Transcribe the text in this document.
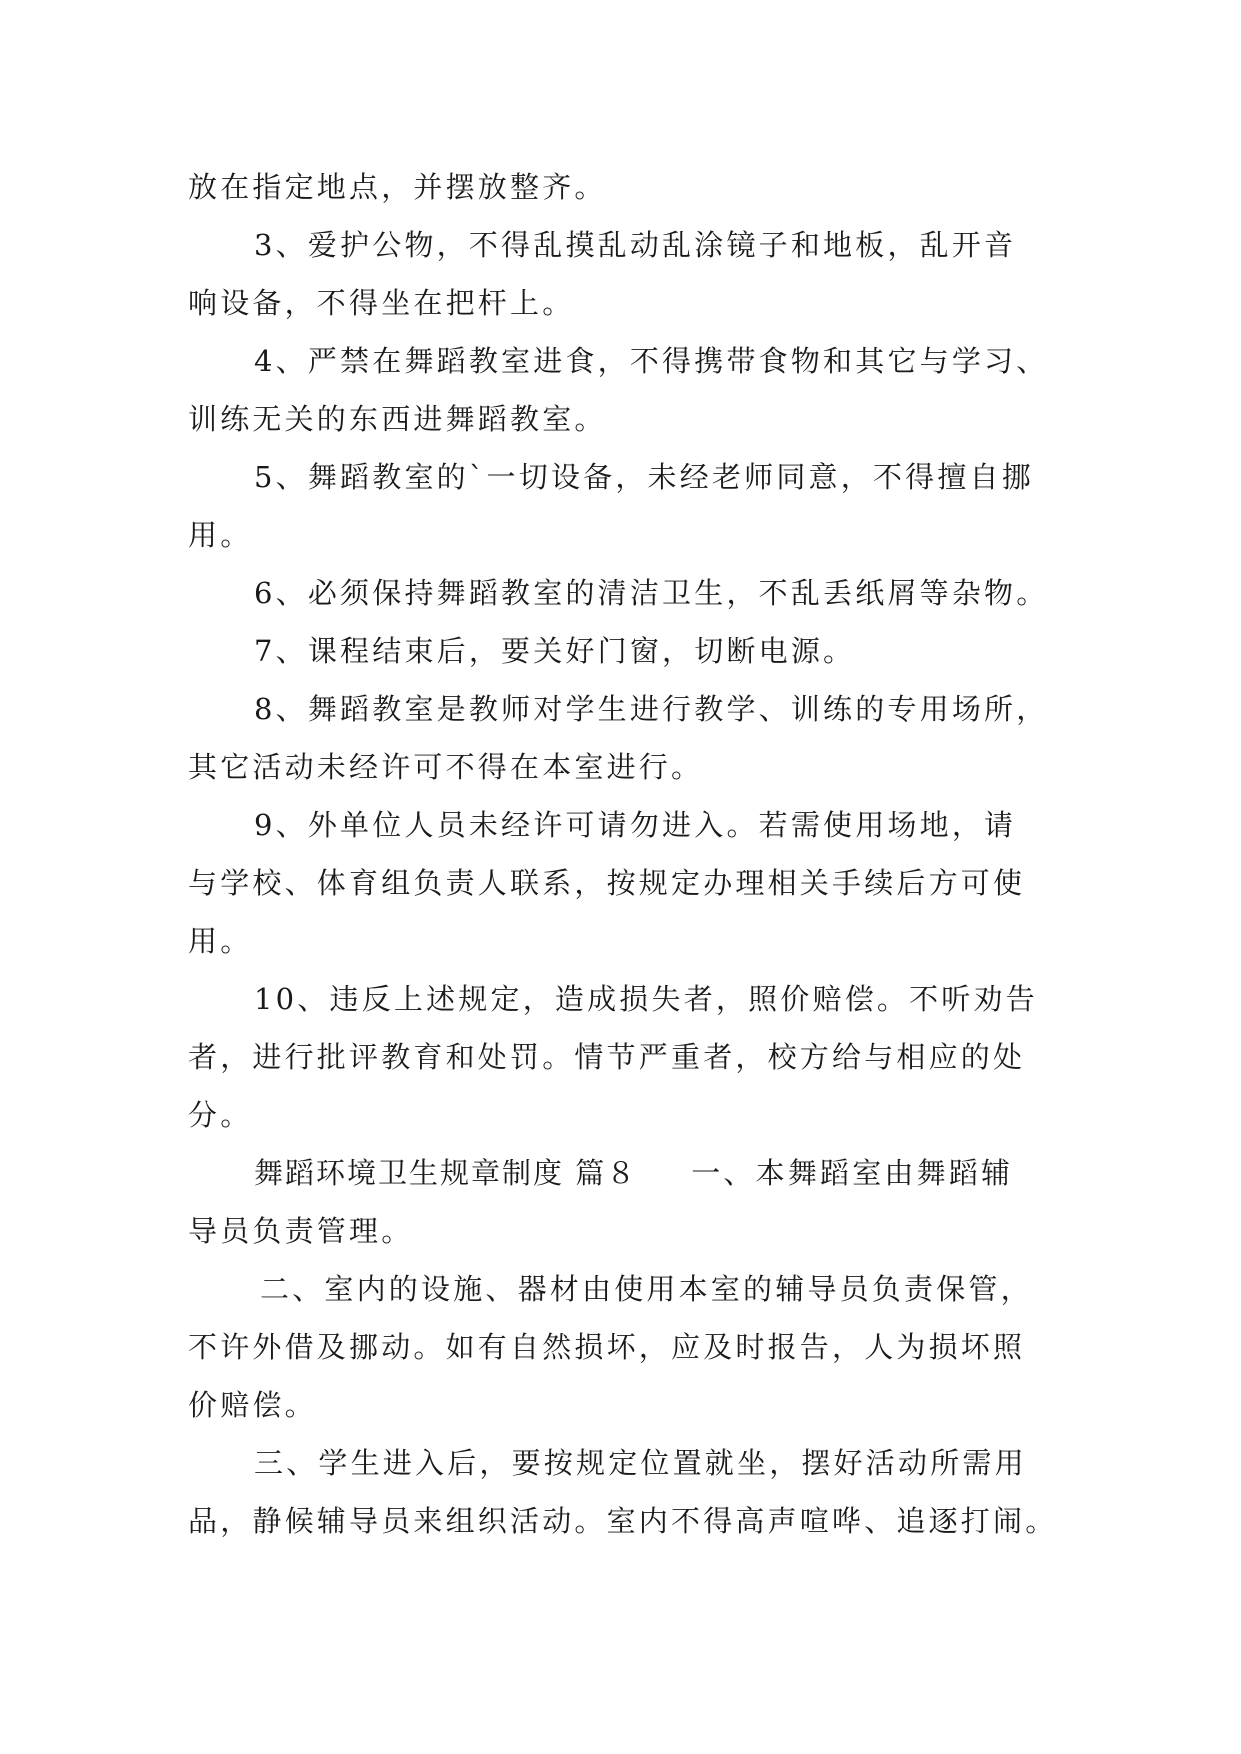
放在指定地点，并摆放整齐。
3、爱护公物，不得乱摸乱动乱涂镜子和地板，乱开音
响设备，不得坐在把杆上。
4、严禁在舞蹈教室进食，不得携带食物和其它与学习、
训练无关的东西进舞蹈教室。
5、舞蹈教室的`一切设备，未经老师同意，不得擅自挪
用。
6、必须保持舞蹈教室的清洁卫生，不乱丢纸屑等杂物。
7、课程结束后，要关好门窗，切断电源。
8、舞蹈教室是教师对学生进行教学、训练的专用场所，
其它活动未经许可不得在本室进行。
9、外单位人员未经许可请勿进入。若需使用场地，请
与学校、体育组负责人联系，按规定办理相关手续后方可使
用。
10、违反上述规定，造成损失者，照价赔偿。不听劝告
者，进行批评教育和处罚。情节严重者，校方给与相应的处
分。
舞蹈环境卫生规章制度 篇８ 一、本舞蹈室由舞蹈辅
导员负责管理。
二、室内的设施、器材由使用本室的辅导员负责保管，
不许外借及挪动。如有自然损坏，应及时报告，人为损坏照
价赔偿。
三、学生进入后，要按规定位置就坐，摆好活动所需用
品，静候辅导员来组织活动。室内不得高声喧哗、追逐打闹。
